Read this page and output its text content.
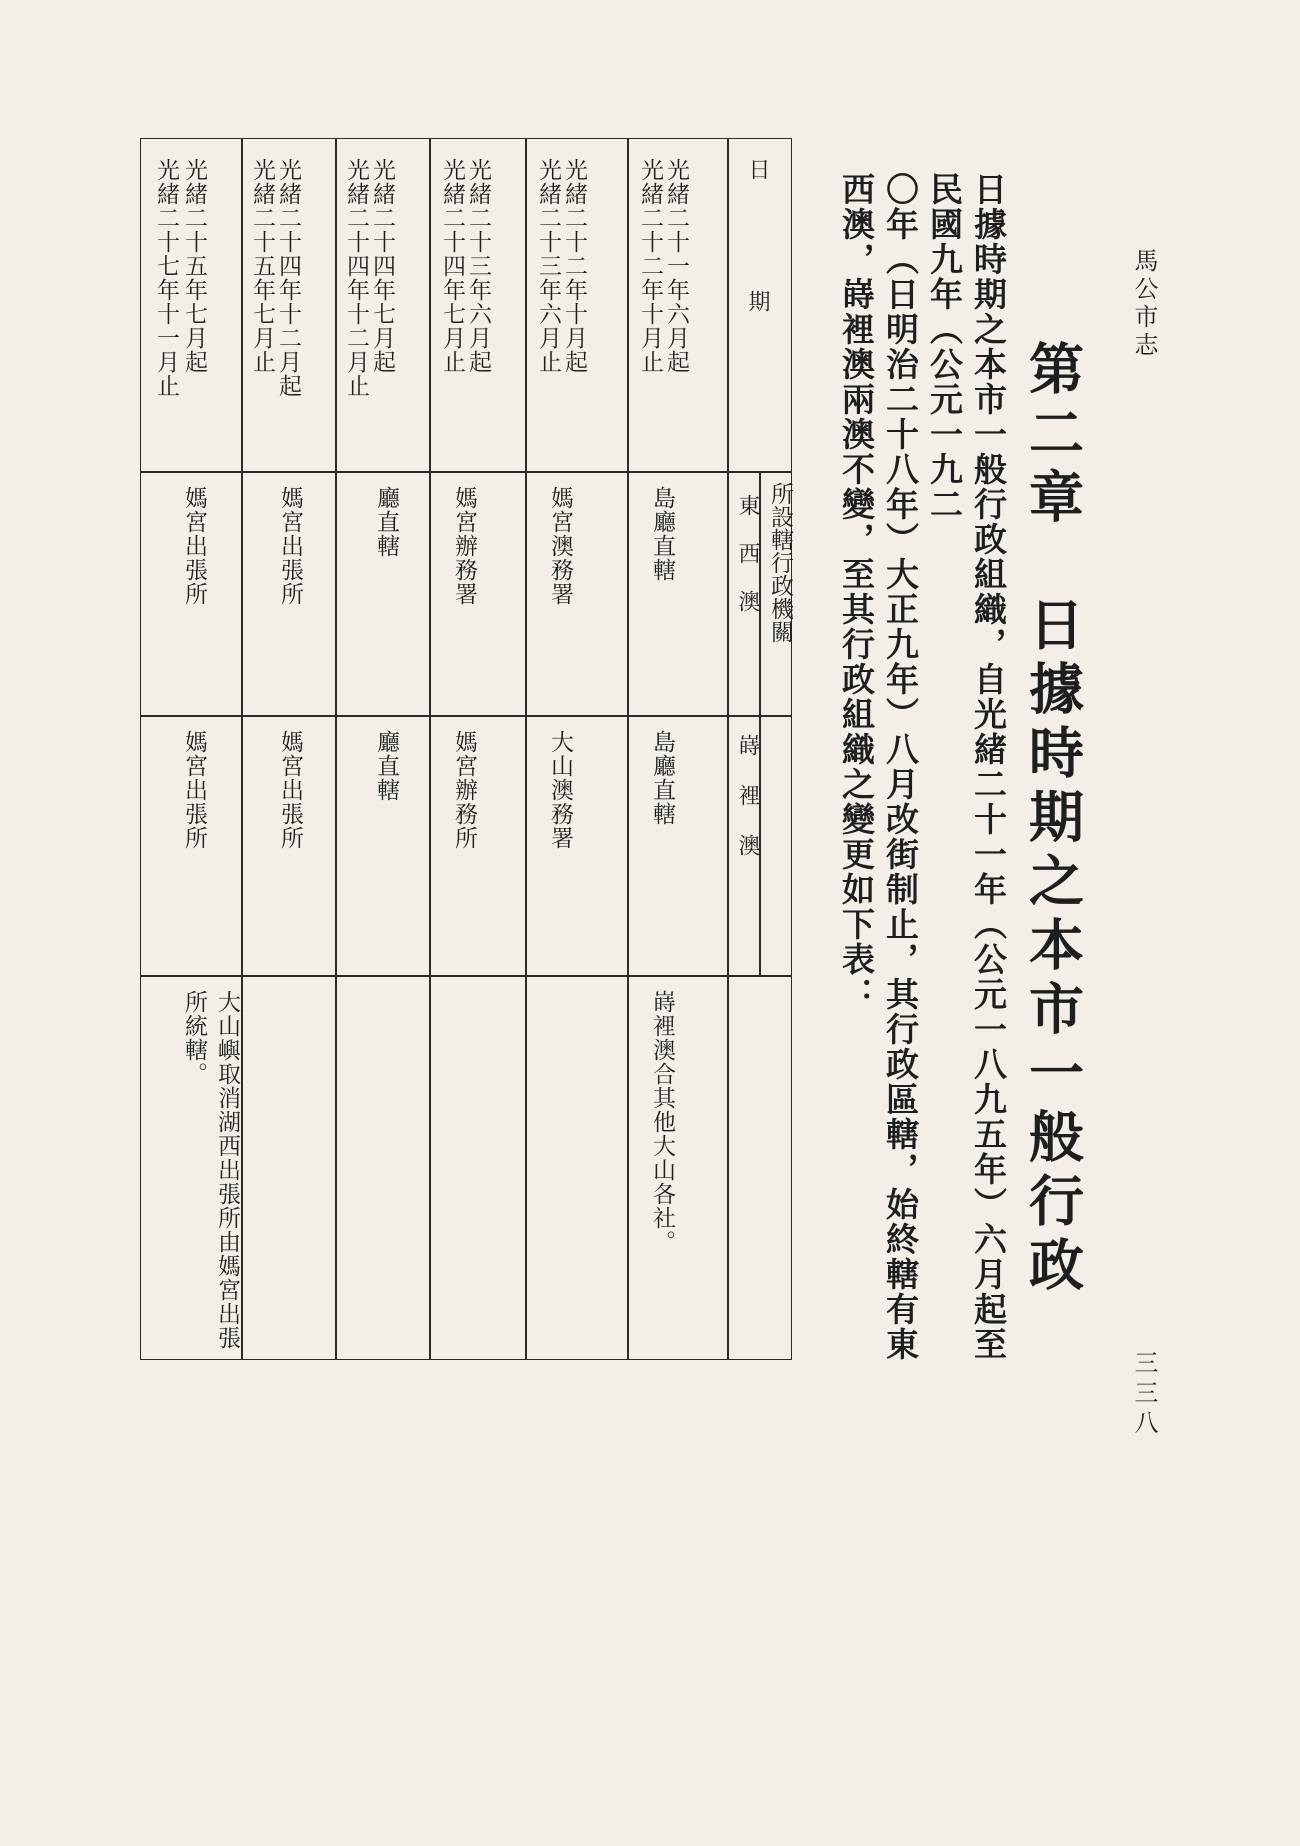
馬公市志
三三八
第二章　日據時期之本市一般行政
日據時期之本市一般行政組織，自光緒二十一年（公元一八九五年）六月起至民國九年（公元一九二
〇年（日明治二十八年）大正九年）八月改街制止，其行政區轄，始終轄有東西澳，嵵裡澳兩澳不變，至其行政組織之變更如下表：
日　　期
所設轄行政機關
東西澳
嵵裡澳
光緒二十一年六月起
光緒二十二年十月止
島廳直轄
島廳直轄
嵵裡澳合其他大山各社。
光緒二十二年十月起
光緒二十三年六月止
媽宮澳務署
大山澳務署
光緒二十三年六月起
光緒二十四年七月止
媽宮辦務署
媽宮辦務所
光緒二十四年七月起
光緒二十四年十二月止
廳直轄
廳直轄
光緒二十四年十二月起
光緒二十五年七月止
媽宮出張所
媽宮出張所
光緒二十五年七月起
光緒二十七年十一月止
媽宮出張所
媽宮出張所
大山嶼取消湖西出張所由媽宮出張所統轄。
